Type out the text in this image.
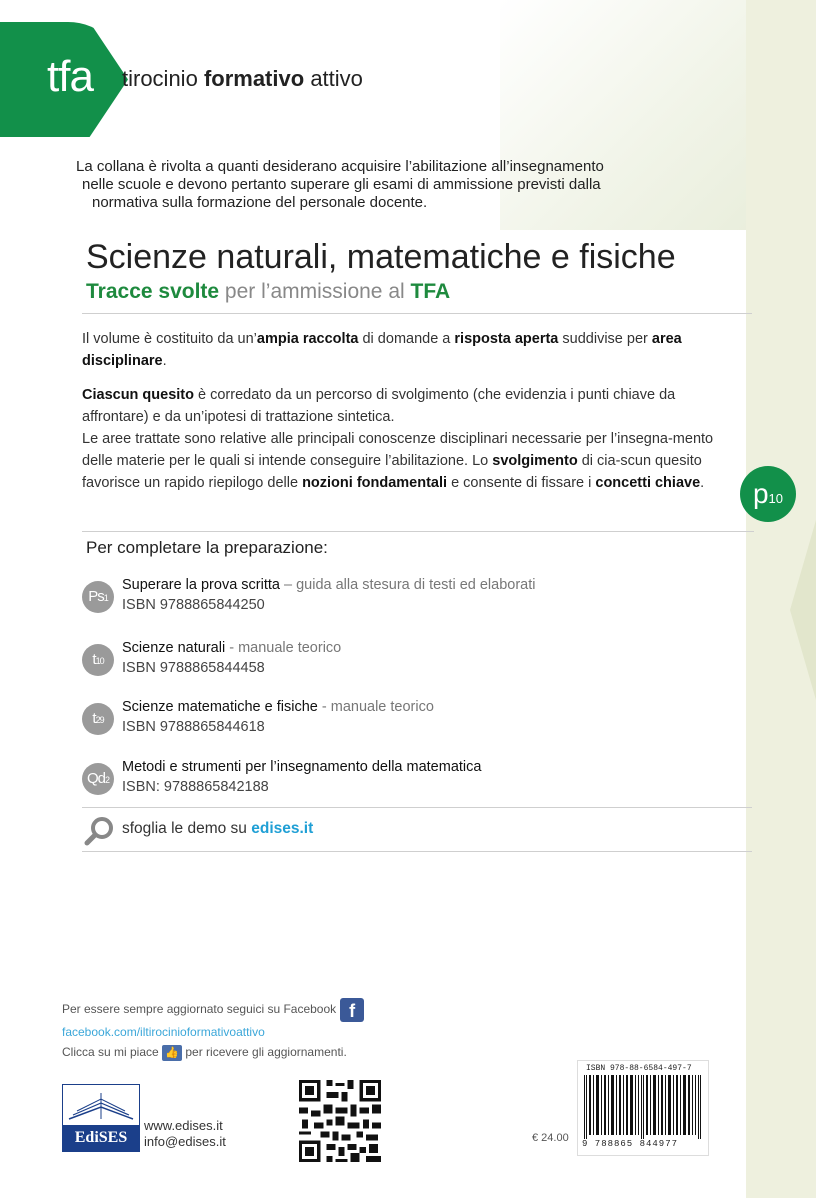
tfa tirocinio formativo attivo

La collana è rivolta a quanti desiderano acquisire l’abilitazione all’insegnamento

nelle scuole e devono pertanto superare gli esami di ammissione previsti dalla

normativa sulla formazione del personale docente.

Scienze naturali, matematiche e fisiche
Tracce svolte per l’ammissione al TFA

Il volume è costituito da un’ampia raccolta di domande a risposta aperta suddivise per area disciplinare.

Ciascun quesito è corredato da un percorso di svolgimento (che evidenzia i punti chiave da affrontare) e da un’ipotesi di trattazione sintetica.

Le aree trattate sono relative alle principali conoscenze disciplinari necessarie per l’insegna-mento delle materie per le quali si intende conseguire l’abilitazione. Lo svolgimento di cia-scun quesito favorisce un rapido riepilogo delle nozioni fondamentali e consente di fissare i concetti chiave.	p10
Per completare la preparazione:
Ps1
Superare la prova scritta – guida alla stesura di testi ed elaborati
ISBN 9788865844250
t10
Scienze naturali - manuale teorico
ISBN 9788865844458
t29
Scienze matematiche e fisiche - manuale teorico
ISBN 9788865844618
Qd2
Metodi e strumenti per l’insegnamento della matematica
ISBN: 9788865842188
sfoglia le demo su edises.it
Per essere sempre aggiornato seguici su Facebook f
facebook.com/iltirocinioformativoattivo
Clicca su mi piace 👍 per ricevere gli aggiornamenti.
EdiSES
www.edises.it
info@edises.it	€ 24.00
ISBN 978-88-6584-497-7
9 788865 844977
